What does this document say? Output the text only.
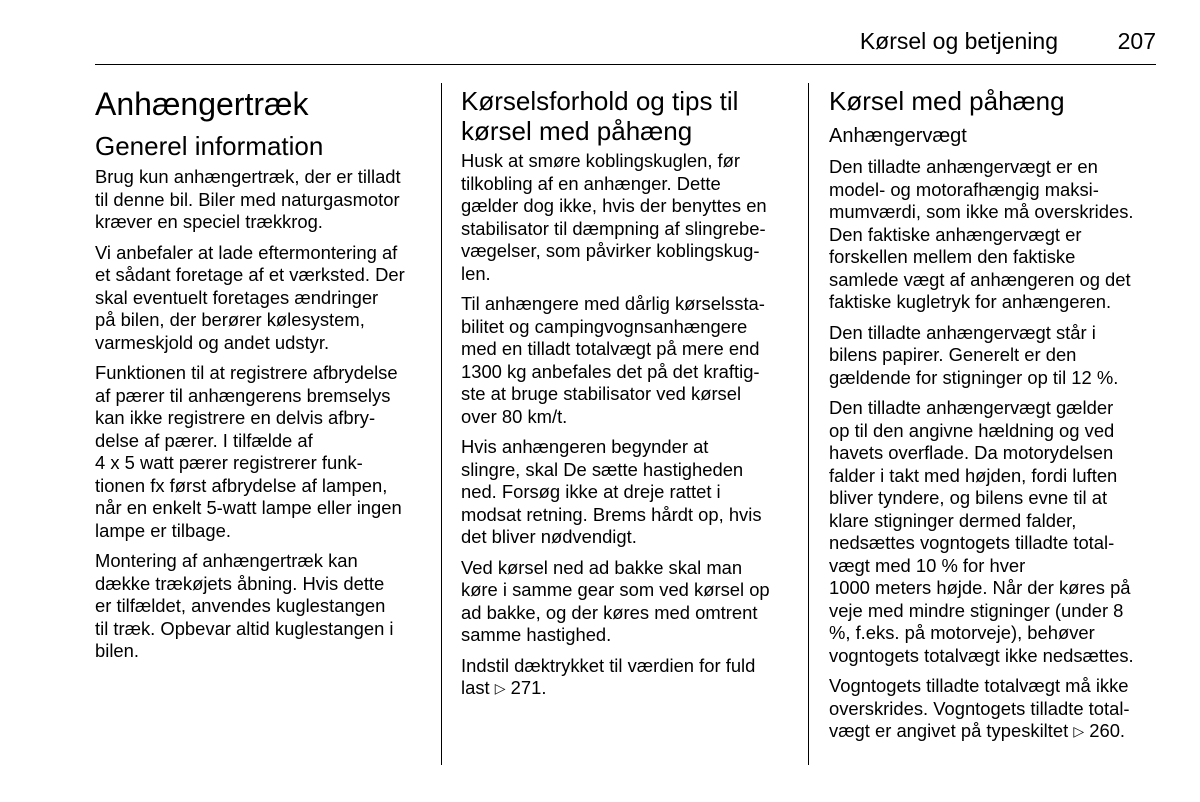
Kørsel og betjening	207
Anhængertræk
Generel information
Brug kun anhængertræk, der er tilladt
til denne bil. Biler med naturgasmotor
kræver en speciel trækkrog.
Vi anbefaler at lade eftermontering af
et sådant foretage af et værksted. Der
skal eventuelt foretages ændringer
på bilen, der berører kølesystem,
varmeskjold og andet udstyr.
Funktionen til at registrere afbrydelse
af pærer til anhængerens bremselys
kan ikke registrere en delvis afbry-
delse af pærer. I tilfælde af
4 x 5 watt pærer registrerer funk-
tionen fx først afbrydelse af lampen,
når en enkelt 5-watt lampe eller ingen
lampe er tilbage.
Montering af anhængertræk kan
dække trækøjets åbning. Hvis dette
er tilfældet, anvendes kuglestangen
til træk. Opbevar altid kuglestangen i
bilen.
Kørselsforhold og tips til
kørsel med påhæng
Husk at smøre koblingskuglen, før
tilkobling af en anhænger. Dette
gælder dog ikke, hvis der benyttes en
stabilisator til dæmpning af slingrebe-
vægelser, som påvirker koblingskug-
len.
Til anhængere med dårlig kørselssta-
bilitet og campingvognsanhængere
med en tilladt totalvægt på mere end
1300 kg anbefales det på det kraftig-
ste at bruge stabilisator ved kørsel
over 80 km/t.
Hvis anhængeren begynder at
slingre, skal De sætte hastigheden
ned. Forsøg ikke at dreje rattet i
modsat retning. Brems hårdt op, hvis
det bliver nødvendigt.
Ved kørsel ned ad bakke skal man
køre i samme gear som ved kørsel op
ad bakke, og der køres med omtrent
samme hastighed.
Indstil dæktrykket til værdien for fuld
last ▷ 271.
Kørsel med påhæng
Anhængervægt
Den tilladte anhængervægt er en
model- og motorafhængig maksi-
mumværdi, som ikke må overskrides.
Den faktiske anhængervægt er
forskellen mellem den faktiske
samlede vægt af anhængeren og det
faktiske kugletryk for anhængeren.
Den tilladte anhængervægt står i
bilens papirer. Generelt er den
gældende for stigninger op til 12 %.
Den tilladte anhængervægt gælder
op til den angivne hældning og ved
havets overflade. Da motorydelsen
falder i takt med højden, fordi luften
bliver tyndere, og bilens evne til at
klare stigninger dermed falder,
nedsættes vogntogets tilladte total-
vægt med 10 % for hver
1000 meters højde. Når der køres på
veje med mindre stigninger (under 8
%, f.eks. på motorveje), behøver
vogntogets totalvægt ikke nedsættes.
Vogntogets tilladte totalvægt må ikke
overskrides. Vogntogets tilladte total-
vægt er angivet på typeskiltet ▷ 260.
